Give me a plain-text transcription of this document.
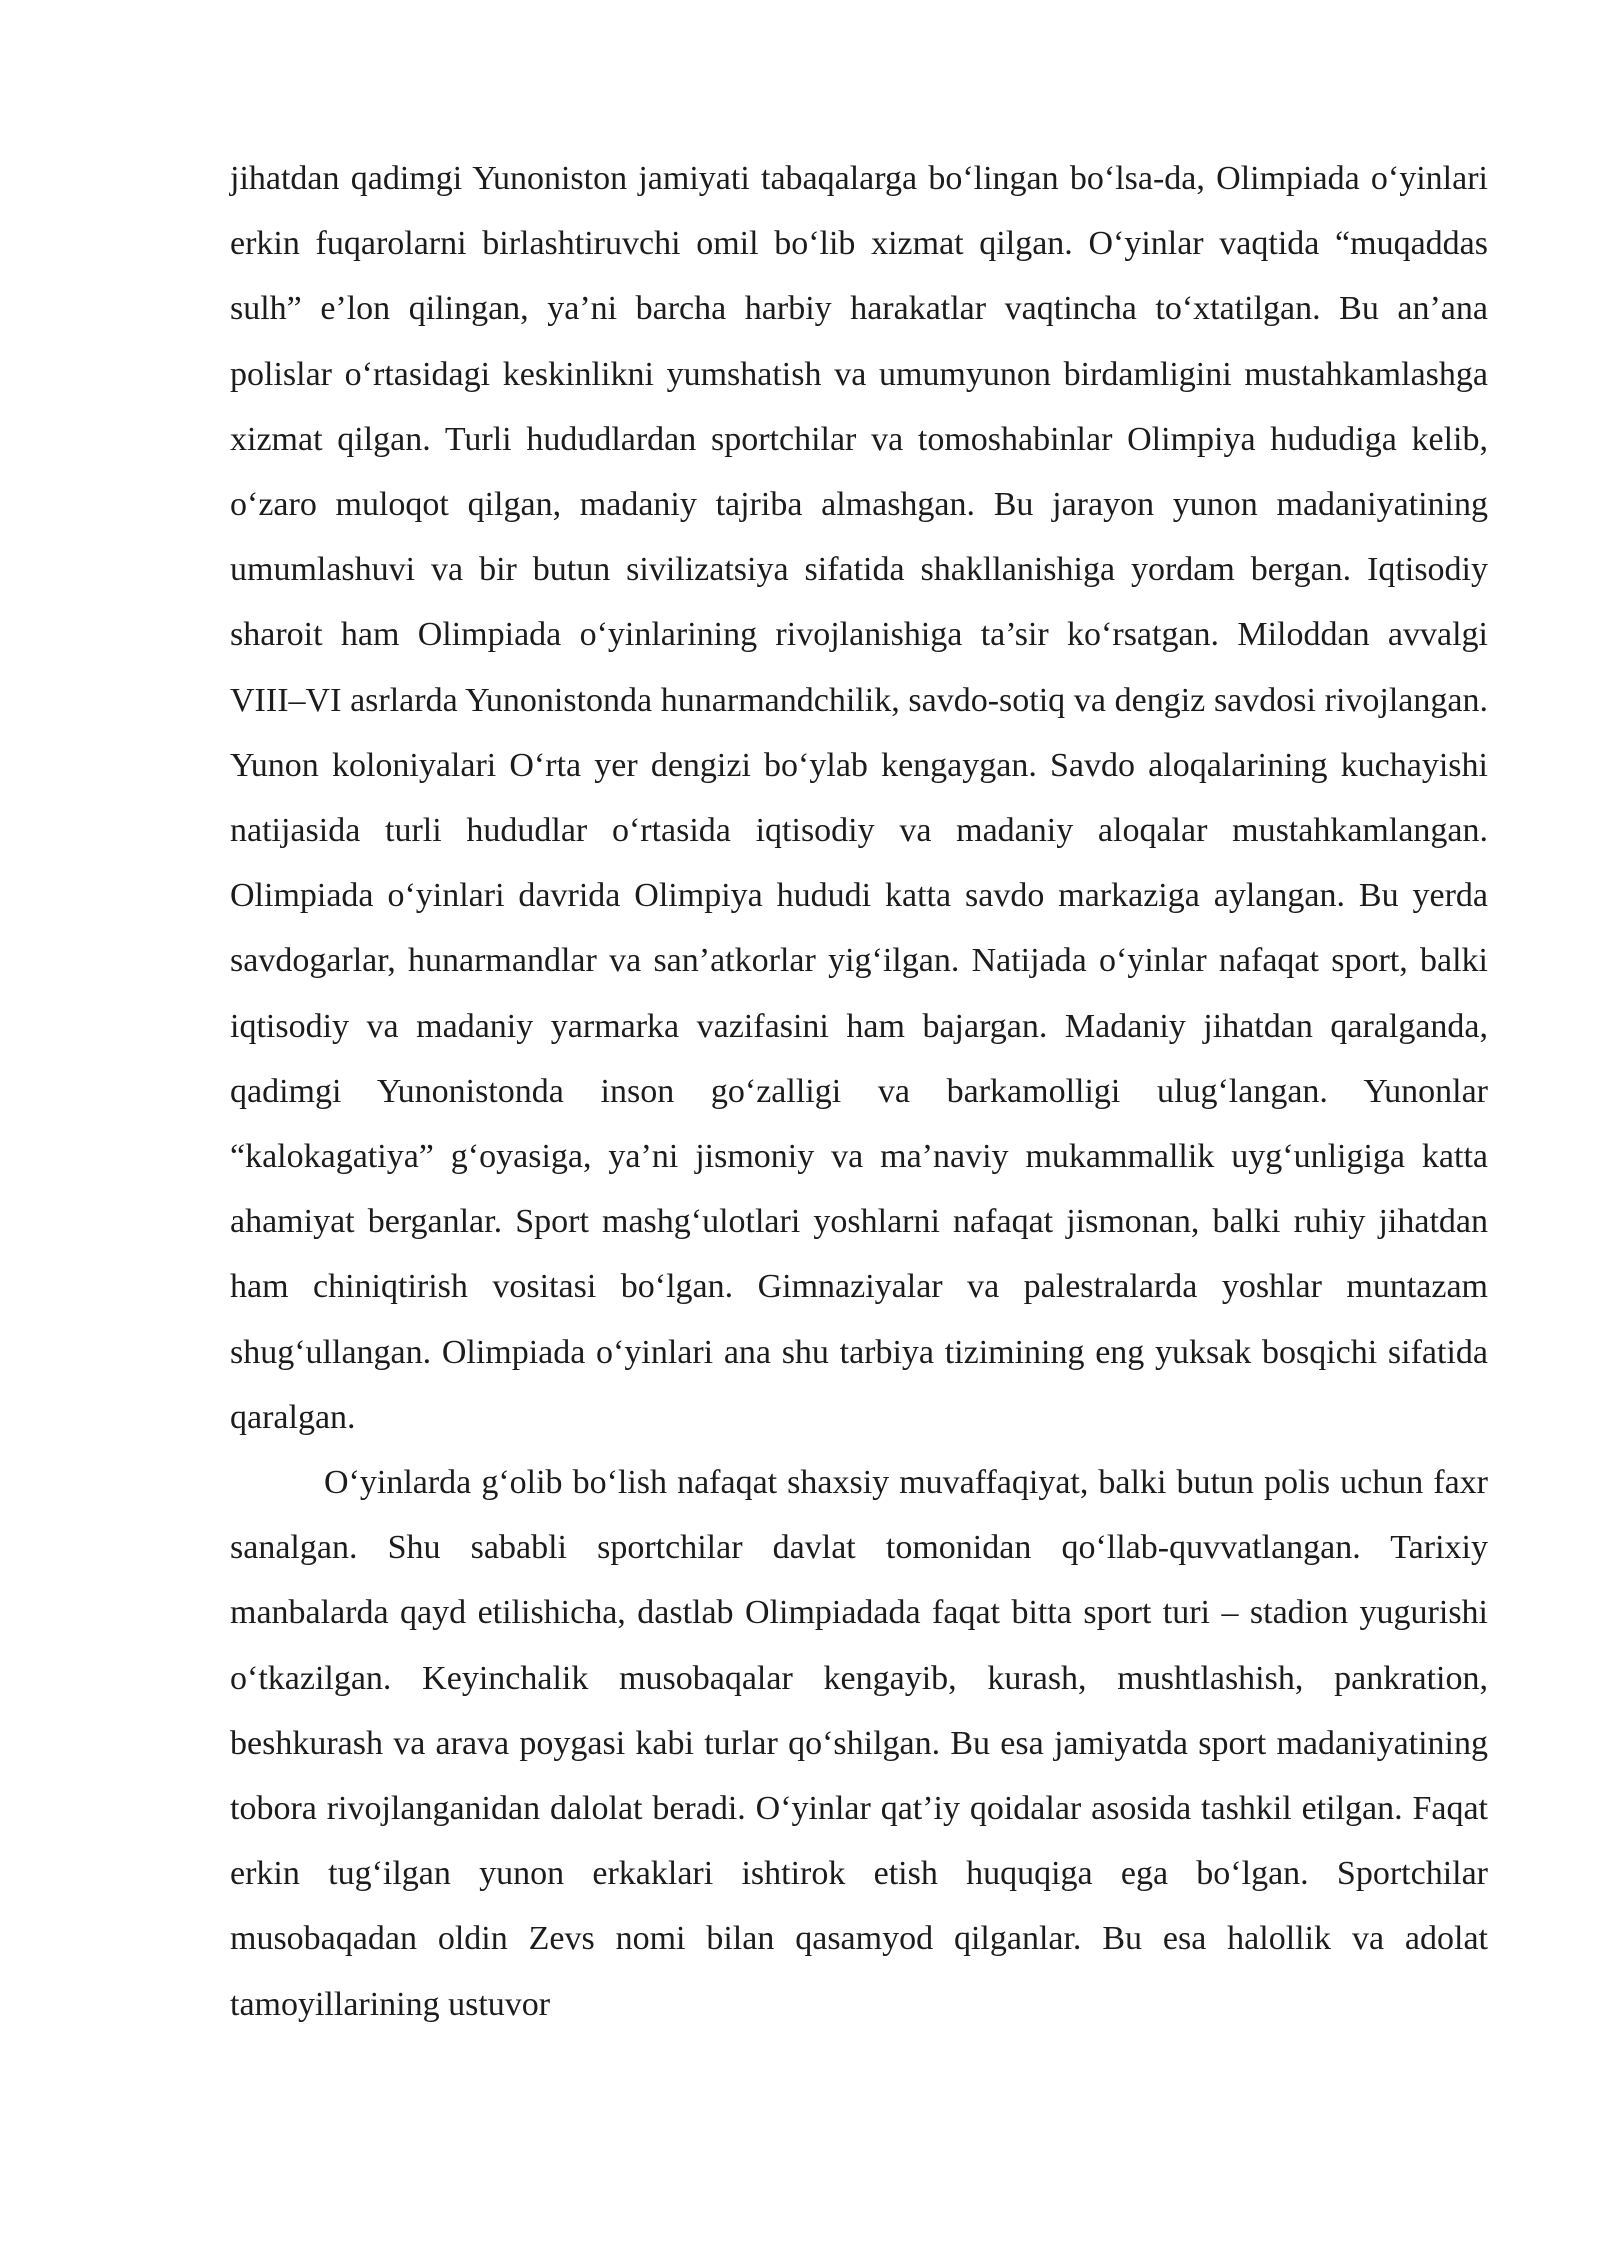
jihatdan qadimgi Yunoniston jamiyati tabaqalarga bo‘lingan bo‘lsa-da, Olimpiada o‘yinlari erkin fuqarolarni birlashtiruvchi omil bo‘lib xizmat qilgan. O‘yinlar vaqtida “muqaddas sulh” e’lon qilingan, ya’ni barcha harbiy harakatlar vaqtincha to‘xtatilgan. Bu an’ana polislar o‘rtasidagi keskinlikni yumshatish va umumyunon birdamligini mustahkamlashga xizmat qilgan. Turli hududlardan sportchilar va tomoshabinlar Olimpiya hududiga kelib, o‘zaro muloqot qilgan, madaniy tajriba almashgan. Bu jarayon yunon madaniyatining umumlashuvi va bir butun sivilizatsiya sifatida shakllanishiga yordam bergan. Iqtisodiy sharoit ham Olimpiada o‘yinlarining rivojlanishiga ta’sir ko‘rsatgan. Miloddan avvalgi VIII–VI asrlarda Yunonistonda hunarmandchilik, savdo-sotiq va dengiz savdosi rivojlangan. Yunon koloniyalari O‘rta yer dengizi bo‘ylab kengaygan. Savdo aloqalarining kuchayishi natijasida turli hududlar o‘rtasida iqtisodiy va madaniy aloqalar mustahkamlangan. Olimpiada o‘yinlari davrida Olimpiya hududi katta savdo markaziga aylangan. Bu yerda savdogarlar, hunarmandlar va san’atkorlar yig‘ilgan. Natijada o‘yinlar nafaqat sport, balki iqtisodiy va madaniy yarmarka vazifasini ham bajargan. Madaniy jihatdan qaralganda, qadimgi Yunonistonda inson go‘zalligi va barkamolligi ulug‘langan. Yunonlar “kalokagatiya” g‘oyasiga, ya’ni jismoniy va ma’naviy mukammallik uyg‘unligiga katta ahamiyat berganlar. Sport mashg‘ulotlari yoshlarni nafaqat jismonan, balki ruhiy jihatdan ham chiniqtirish vositasi bo‘lgan. Gimnaziyalar va palestralarda yoshlar muntazam shug‘ullangan. Olimpiada o‘yinlari ana shu tarbiya tizimining eng yuksak bosqichi sifatida qaralgan.

O‘yinlarda g‘olib bo‘lish nafaqat shaxsiy muvaffaqiyat, balki butun polis uchun faxr sanalgan. Shu sababli sportchilar davlat tomonidan qo‘llab-quvvatlangan. Tarixiy manbalarda qayd etilishicha, dastlab Olimpiadada faqat bitta sport turi – stadion yugurishi o‘tkazilgan. Keyinchalik musobaqalar kengayib, kurash, mushtlashish, pankration, beshkurash va arava poygasi kabi turlar qo‘shilgan. Bu esa jamiyatda sport madaniyatining tobora rivojlanganidan dalolat beradi. O‘yinlar qat’iy qoidalar asosida tashkil etilgan. Faqat erkin tug‘ilgan yunon erkaklari ishtirok etish huquqiga ega bo‘lgan. Sportchilar musobaqadan oldin Zevs nomi bilan qasamyod qilganlar. Bu esa halollik va adolat tamoyillarining ustuvor
